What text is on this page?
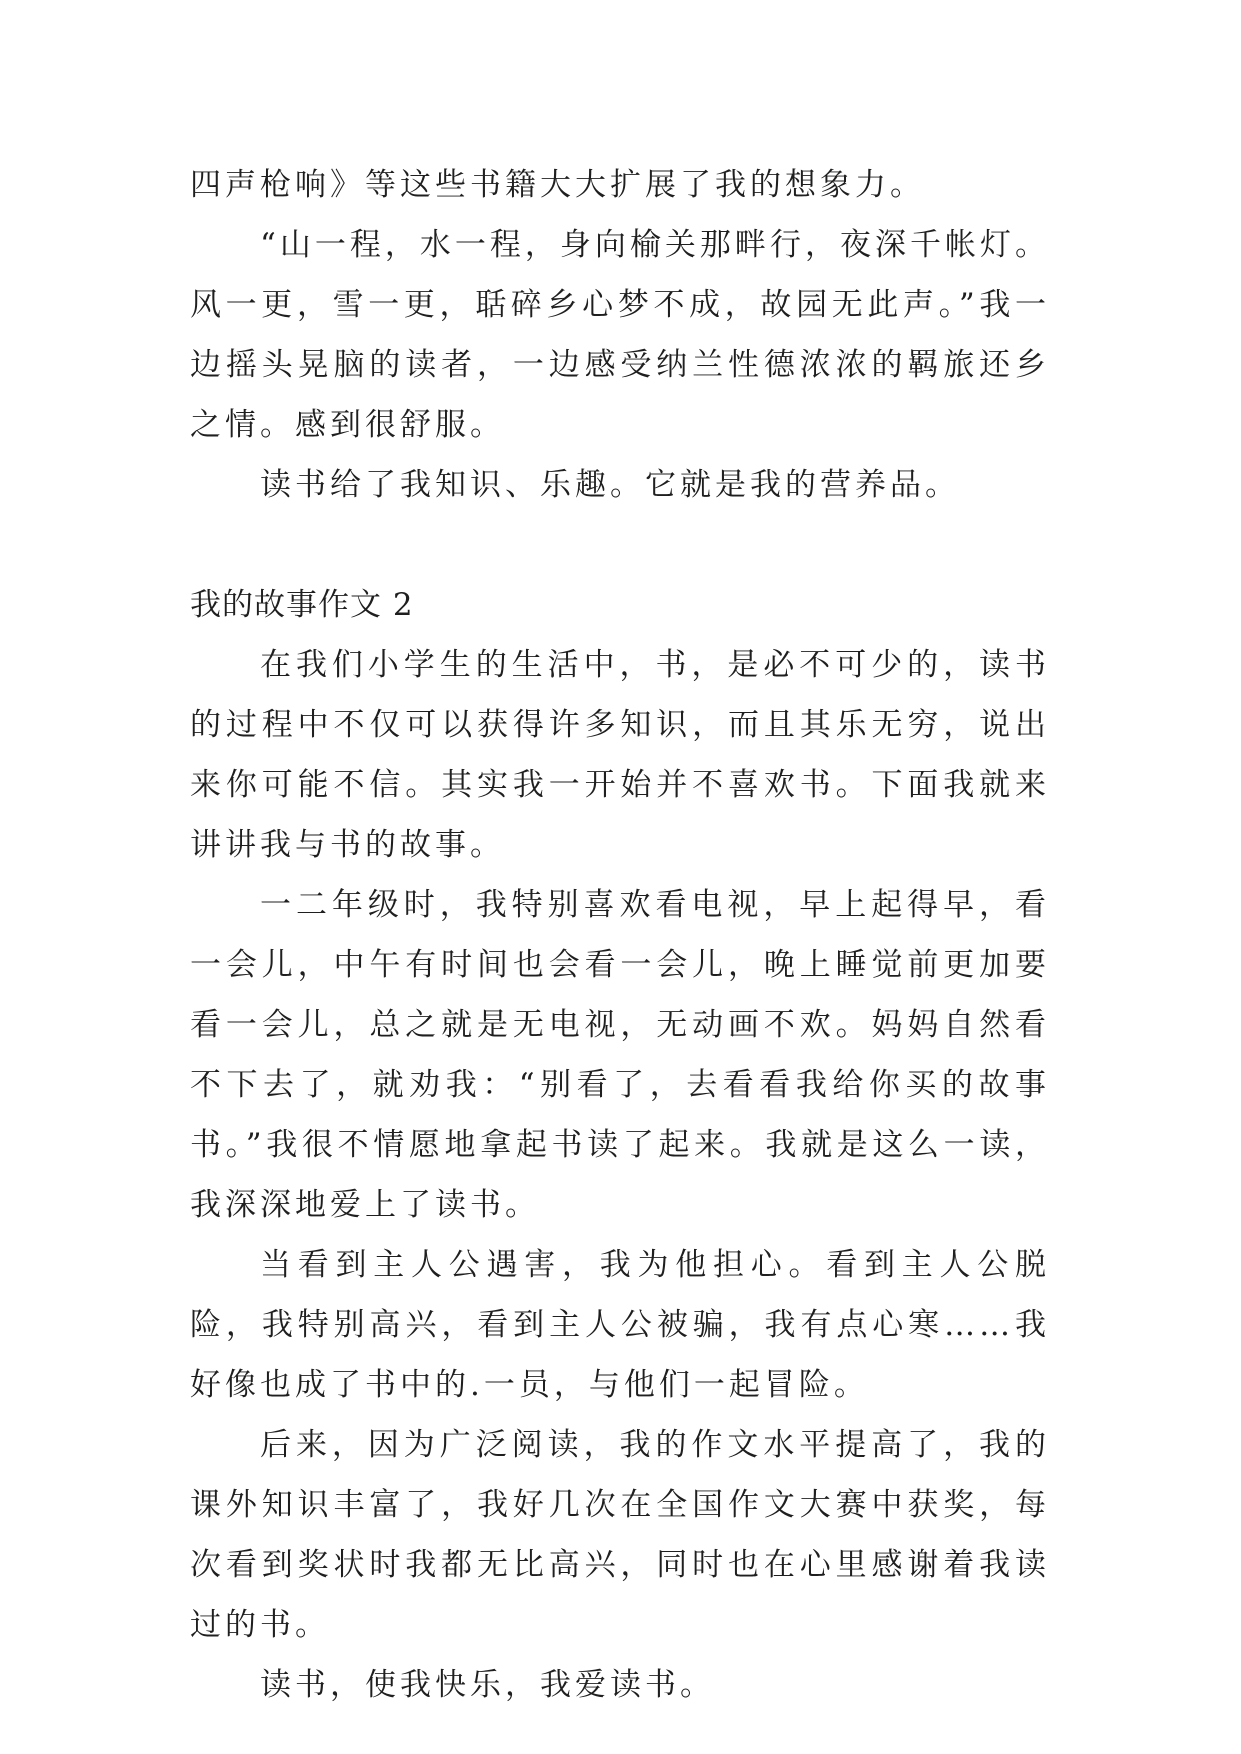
四声枪响》等这些书籍大大扩展了我的想象力。

“山一程，水一程，身向榆关那畔行，夜深千帐灯。风一更，雪一更，聒碎乡心梦不成，故园无此声。”我一边摇头晃脑的读者，一边感受纳兰性德浓浓的羁旅还乡之情。感到很舒服。

读书给了我知识、乐趣。它就是我的营养品。

我的故事作文 2

在我们小学生的生活中，书，是必不可少的，读书的过程中不仅可以获得许多知识，而且其乐无穷，说出来你可能不信。其实我一开始并不喜欢书。下面我就来讲讲我与书的故事。

一二年级时，我特别喜欢看电视，早上起得早，看一会儿，中午有时间也会看一会儿，晚上睡觉前更加要看一会儿，总之就是无电视，无动画不欢。妈妈自然看不下去了，就劝我：“别看了，去看看我给你买的故事书。”我很不情愿地拿起书读了起来。我就是这么一读，我深深地爱上了读书。

当看到主人公遇害，我为他担心。看到主人公脱险，我特别高兴，看到主人公被骗，我有点心寒……我好像也成了书中的.一员，与他们一起冒险。

后来，因为广泛阅读，我的作文水平提高了，我的课外知识丰富了，我好几次在全国作文大赛中获奖，每次看到奖状时我都无比高兴，同时也在心里感谢着我读过的书。

读书，使我快乐，我爱读书。
